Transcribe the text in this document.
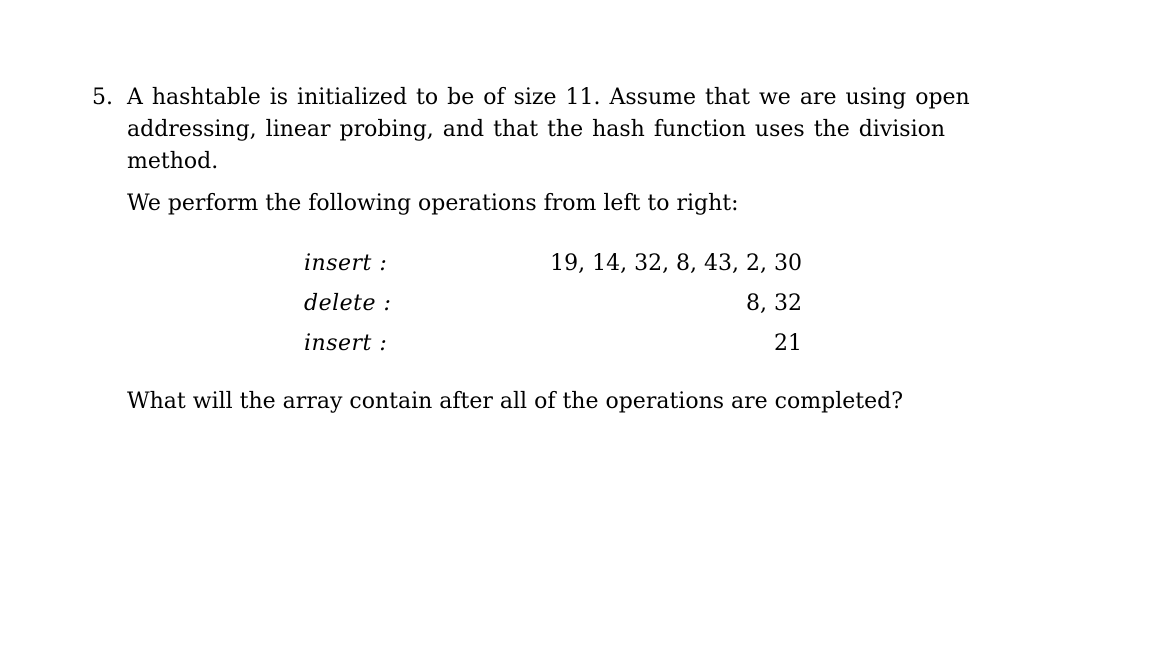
5. A hashtable is initialized to be of size 11. Assume that we are using open
addressing, linear probing, and that the hash function uses the division
method.
We perform the following operations from left to right:
insert :	19, 14, 32, 8, 43, 2, 30
delete :	8, 32
insert :	21
What will the array contain after all of the operations are completed?
